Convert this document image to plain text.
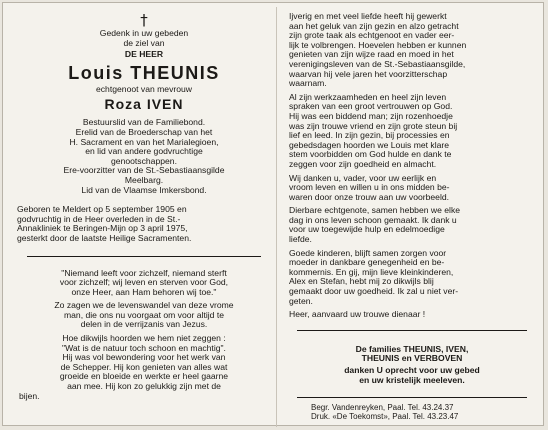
†
Gedenk in uw gebeden
de ziel van
DE HEER
Louis THEUNIS
echtgenoot van mevrouw
Roza IVEN
Bestuurslid van de Familiebond.
Erelid van de Broederschap van het
H. Sacrament en van het Marialegioen,
en lid van andere godvruchtige
genootschappen.
Ere-voorzitter van de St.-Sebastiaansgilde
Meelbarg.
Lid van de Vlaamse Imkersbond.
Geboren te Meldert op 5 september 1905 en
godvruchtig in de Heer overleden in de St.-
Annakliniek te Beringen-Mijn op 3 april 1975,
gesterkt door de laatste Heilige Sacramenten.
"Niemand leeft voor zichzelf, niemand sterft
voor zichzelf; wij leven en sterven voor God,
onze Heer, aan Ham behoren wij toe."
Zo zagen we de levenswandel van deze vrome
man, die ons nu voorgaat om voor altijd te
delen in de verrijzanis van Jezus.
Hoe dikwijls hoorden we hem niet zeggen :
"Wat is de natuur toch schoon en machtig".
Hij was vol bewondering voor het werk van
de Schepper. Hij kon genieten van alles wat
groeide en bloeide en werkte er heel gaarne
aan mee. Hij kon zo gelukkig zijn met de
bijen.
Ijverig en met veel liefde heeft hij gewerkt
aan het geluk van zijn gezin en alzo getracht
zijn grote taak als echtgenoot en vader eer-
lijk te volbrengen. Hoevelen hebben er kunnen
genieten van zijn wijze raad en moed in het
verenigingsleven van de St.-Sebastiaansgilde,
waarvan hij vele jaren het voorzitterschap
waarnam.
Al zijn werkzaamheden en heel zijn leven
spraken van een groot vertrouwen op God.
Hij was een biddend man; zijn rozenhoedje
was zijn trouwe vriend en zijn grote steun bij
lief en leed. In zijn gezin, bij processies en
gebedsdagen hoorden we Louis met klare
stem voorbidden om God hulde en dank te
zeggen voor zijn goedheid en almacht.
Wij danken u, vader, voor uw eerlijk en
vroom leven en willen u in ons midden be-
waren door onze trouw aan uw voorbeeld.
Dierbare echtgenote, samen hebben we elke
dag in ons leven schoon gemaakt. Ik dank u
voor uw toegewijde hulp en edelmoedige
liefde.
Goede kinderen, blijft samen zorgen voor
moeder in dankbare genegenheid en be-
kommernis. En gij, mijn lieve kleinkinderen,
Alex en Stefan, hebt mij zo dikwijls blij
gemaakt door uw goedheid. Ik zal u niet ver-
geten.
Heer, aanvaard uw trouwe dienaar !
De families THEUNIS, IVEN,
THEUNIS en VERBOVEN
danken U oprecht voor uw gebed
en uw kristelijk meeleven.
Begr. Vandenreyken, Paal. Tel. 43.24.37
Druk. «De Toekomst», Paal. Tel. 43.23.47
